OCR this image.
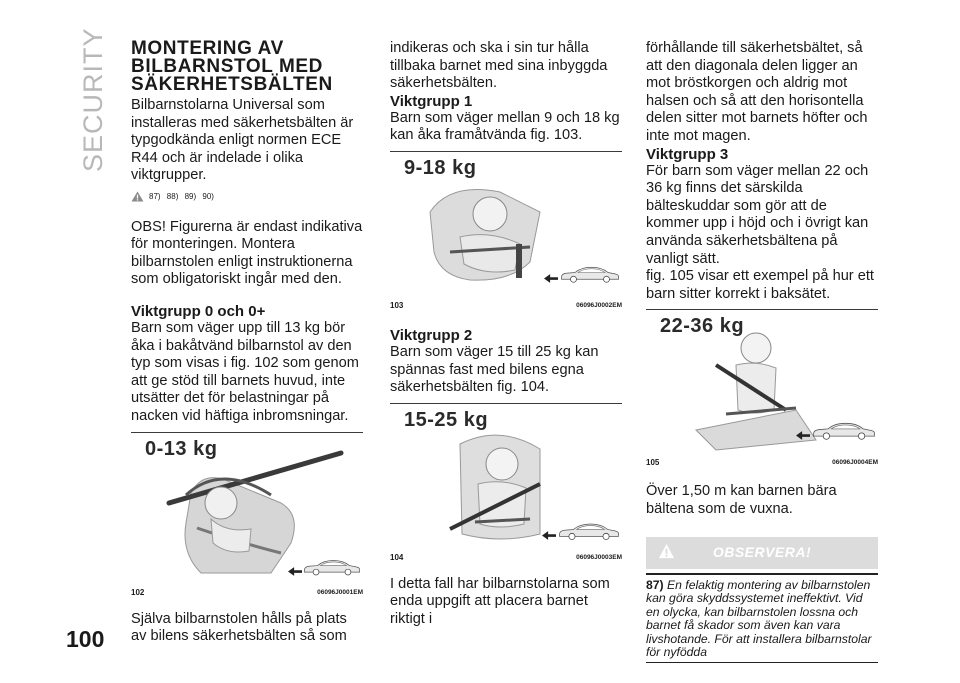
SECURITY
100
MONTERING AV
BILBARNSTOL MED
SÄKERHETSBÄLTEN

Bilbarnstolarna Universal som installeras med säkerhetsbälten är typgodkända enligt normen ECE R44 och är indelade i olika viktgrupper.

87) 88) 89) 90)

OBS! Figurerna är endast indikativa för monteringen. Montera bilbarnstolen enligt instruktionerna som obligatoriskt ingår med den.

Viktgrupp 0 och 0+

Barn som väger upp till 13 kg bör åka i bakåtvänd bilbarnstol av den typ som visas i fig. 102 som genom att ge stöd till barnets huvud, inte utsätter det för belastningar på nacken vid häftiga inbromsningar.

0-13 kg
102	06096J0001EM

Själva bilbarnstolen hålls på plats av bilens säkerhetsbälten så som

indikeras och ska i sin tur hålla tillbaka barnet med sina inbyggda säkerhetsbälten.

Viktgrupp 1

Barn som väger mellan 9 och 18 kg kan åka framåtvända fig. 103.

9-18 kg
103	06096J0002EM
Viktgrupp 2

Barn som väger 15 till 25 kg kan spännas fast med bilens egna säkerhetsbälten fig. 104.

15-25 kg
104	06096J0003EM

I detta fall har bilbarnstolarna som enda uppgift att placera barnet riktigt i

förhållande till säkerhetsbältet, så att den diagonala delen ligger an mot bröstkorgen och aldrig mot halsen och så att den horisontella delen sitter mot barnets höfter och inte mot magen.

Viktgrupp 3

För barn som väger mellan 22 och 36 kg finns det särskilda bälteskuddar som gör att de kommer upp i höjd och i övrigt kan använda säkerhetsbältena på vanligt sätt.

fig. 105 visar ett exempel på hur ett barn sitter korrekt i baksätet.

22-36 kg
105	06096J0004EM

Över 1,50 m kan barnen bära bältena som de vuxna.

OBSERVERA!
87) En felaktig montering av bilbarnstolen kan göra skyddssystemet ineffektivt. Vid en olycka, kan bilbarnstolen lossna och barnet få skador som även kan vara livshotande. För att installera bilbarnstolar för nyfödda
